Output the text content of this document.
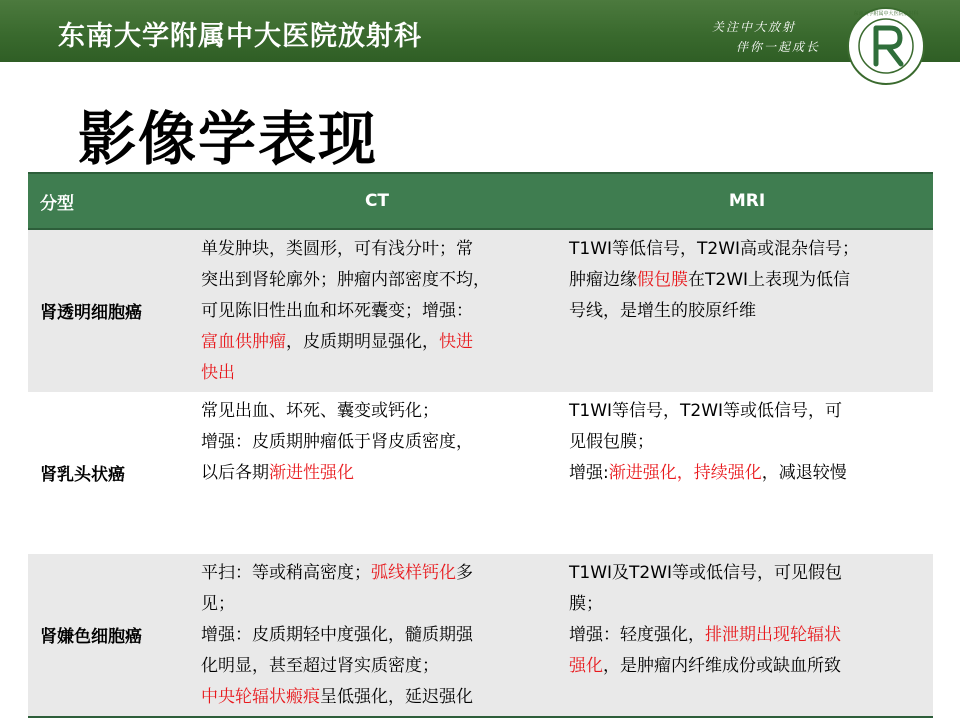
东南大学附属中大医院放射科	关注中大放射
伴你一起成长
东南大学附属中大医院放射科
影像学表现
分型	CT	MRI
肾透明细胞癌	单发肿块，类圆形，可有浅分叶；常
突出到肾轮廓外；肿瘤内部密度不均，
可见陈旧性出血和坏死囊变；增强：
富血供肿瘤，皮质期明显强化，快进
快出	T1WI等低信号，T2WI高或混杂信号；
肿瘤边缘假包膜在T2WI上表现为低信
号线，是增生的胶原纤维

肾乳头状癌	常见出血、坏死、囊变或钙化；
增强：皮质期肿瘤低于肾皮质密度，
以后各期渐进性强化	T1WI等信号，T2WI等或低信号，可
见假包膜；
增强:渐进强化，持续强化，减退较慢

肾嫌色细胞癌	平扫：等或稍高密度；弧线样钙化多
见；
增强：皮质期轻中度强化，髓质期强
化明显，甚至超过肾实质密度；
中央轮辐状瘢痕呈低强化，延迟强化	T1WI及T2WI等或低信号，可见假包
膜；
增强：轻度强化，排泄期出现轮辐状
强化，是肿瘤内纤维成份或缺血所致
